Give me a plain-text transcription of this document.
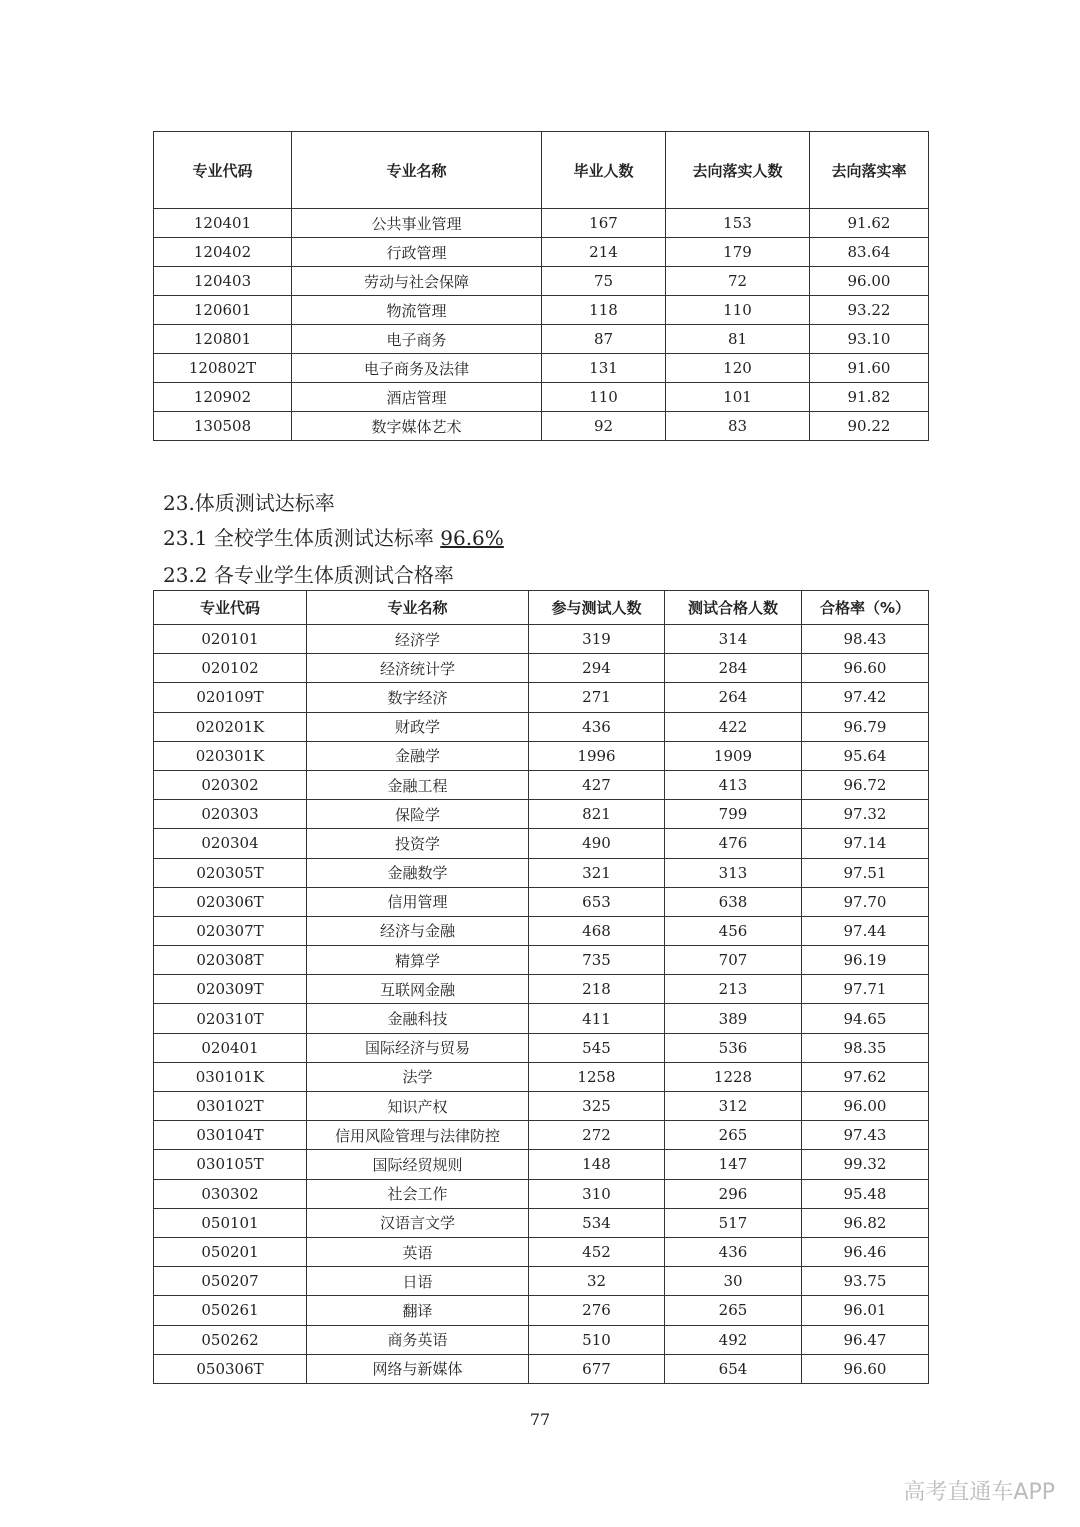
专业代码	专业名称	毕业人数	去向落实人数	去向落实率
120401	公共事业管理	167	153	91.62
120402	行政管理	214	179	83.64
120403	劳动与社会保障	75	72	96.00
120601	物流管理	118	110	93.22
120801	电子商务	87	81	93.10
120802T	电子商务及法律	131	120	91.60
120902	酒店管理	110	101	91.82
130508	数字媒体艺术	92	83	90.22

23.体质测试达标率

23.1 全校学生体质测试达标率 96.6%

23.2 各专业学生体质测试合格率

专业代码	专业名称	参与测试人数	测试合格人数	合格率（%）
020101	经济学	319	314	98.43
020102	经济统计学	294	284	96.60
020109T	数字经济	271	264	97.42
020201K	财政学	436	422	96.79
020301K	金融学	1996	1909	95.64
020302	金融工程	427	413	96.72
020303	保险学	821	799	97.32
020304	投资学	490	476	97.14
020305T	金融数学	321	313	97.51
020306T	信用管理	653	638	97.70
020307T	经济与金融	468	456	97.44
020308T	精算学	735	707	96.19
020309T	互联网金融	218	213	97.71
020310T	金融科技	411	389	94.65
020401	国际经济与贸易	545	536	98.35
030101K	法学	1258	1228	97.62
030102T	知识产权	325	312	96.00
030104T	信用风险管理与法律防控	272	265	97.43
030105T	国际经贸规则	148	147	99.32
030302	社会工作	310	296	95.48
050101	汉语言文学	534	517	96.82
050201	英语	452	436	96.46
050207	日语	32	30	93.75
050261	翻译	276	265	96.01
050262	商务英语	510	492	96.47
050306T	网络与新媒体	677	654	96.60
77
高考直通车APP
